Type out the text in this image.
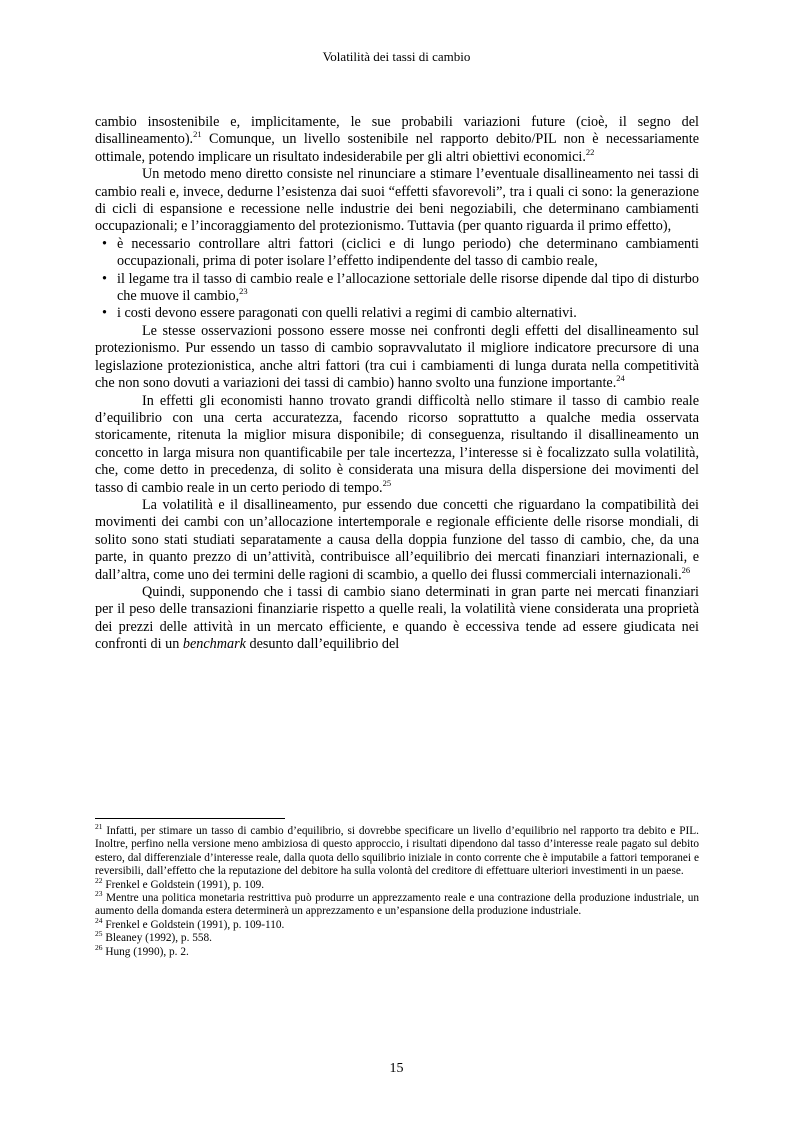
Volatilità dei tassi di cambio

cambio insostenibile e, implicitamente, le sue probabili variazioni future (cioè, il segno del disallineamento).$^{21}$ Comunque, un livello sostenibile nel rapporto debito/PIL non è necessariamente ottimale, potendo implicare un risultato indesiderabile per gli altri obiettivi economici.$^{22}$

Un metodo meno diretto consiste nel rinunciare a stimare l’eventuale disallineamento nei tassi di cambio reali e, invece, dedurne l’esistenza dai suoi “effetti sfavorevoli”, tra i quali ci sono: la generazione di cicli di espansione e recessione nelle industrie dei beni negoziabili, che determinano cambiamenti occupazionali; e l’incoraggiamento del protezionismo. Tuttavia (per quanto riguarda il primo effetto),

• è necessario controllare altri fattori (ciclici e di lungo periodo) che determinano cambiamenti occupazionali, prima di poter isolare l’effetto indipendente del tasso di cambio reale,
• il legame tra il tasso di cambio reale e l’allocazione settoriale delle risorse dipende dal tipo di disturbo che muove il cambio,$^{23}$
• i costi devono essere paragonati con quelli relativi a regimi di cambio alternativi.

Le stesse osservazioni possono essere mosse nei confronti degli effetti del disallineamento sul protezionismo. Pur essendo un tasso di cambio sopravvalutato il migliore indicatore precursore di una legislazione protezionistica, anche altri fattori (tra cui i cambiamenti di lunga durata nella competitività che non sono dovuti a variazioni dei tassi di cambio) hanno svolto una funzione importante.$^{24}$

In effetti gli economisti hanno trovato grandi difficoltà nello stimare il tasso di cambio reale d’equilibrio con una certa accuratezza, facendo ricorso soprattutto a qualche media osservata storicamente, ritenuta la miglior misura disponibile; di conseguenza, risultando il disallineamento un concetto in larga misura non quantificabile per tale incertezza, l’interesse si è focalizzato sulla volatilità, che, come detto in precedenza, di solito è considerata una misura della dispersione dei movimenti del tasso di cambio reale in un certo periodo di tempo.$^{25}$

La volatilità e il disallineamento, pur essendo due concetti che riguardano la compatibilità dei movimenti dei cambi con un’allocazione intertemporale e regionale efficiente delle risorse mondiali, di solito sono stati studiati separatamente a causa della doppia funzione del tasso di cambio, che, da una parte, in quanto prezzo di un’attività, contribuisce all’equilibrio dei mercati finanziari internazionali, e dall’altra, come uno dei termini delle ragioni di scambio, a quello dei flussi commerciali internazionali.$^{26}$

Quindi, supponendo che i tassi di cambio siano determinati in gran parte nei mercati finanziari per il peso delle transazioni finanziarie rispetto a quelle reali, la volatilità viene considerata una proprietà dei prezzi delle attività in un mercato efficiente, e quando è eccessiva tende ad essere giudicata nei confronti di un benchmark desunto dall’equilibrio del

$^{21}$ Infatti, per stimare un tasso di cambio d’equilibrio, si dovrebbe specificare un livello d’equilibrio nel rapporto tra debito e PIL. Inoltre, perfino nella versione meno ambiziosa di questo approccio, i risultati dipendono dal tasso d’interesse reale pagato sul debito estero, dal differenziale d’interesse reale, dalla quota dello squilibrio iniziale in conto corrente che è imputabile a fattori temporanei e reversibili, dall’effetto che la reputazione del debitore ha sulla volontà del creditore di effettuare ulteriori investimenti in un paese.

$^{22}$ Frenkel e Goldstein (1991), p. 109.

$^{23}$ Mentre una politica monetaria restrittiva può produrre un apprezzamento reale e una contrazione della produzione industriale, un aumento della domanda estera determinerà un apprezzamento e un’espansione della produzione industriale.

$^{24}$ Frenkel e Goldstein (1991), p. 109-110.

$^{25}$ Bleaney (1992), p. 558.

$^{26}$ Hung (1990), p. 2.

15
